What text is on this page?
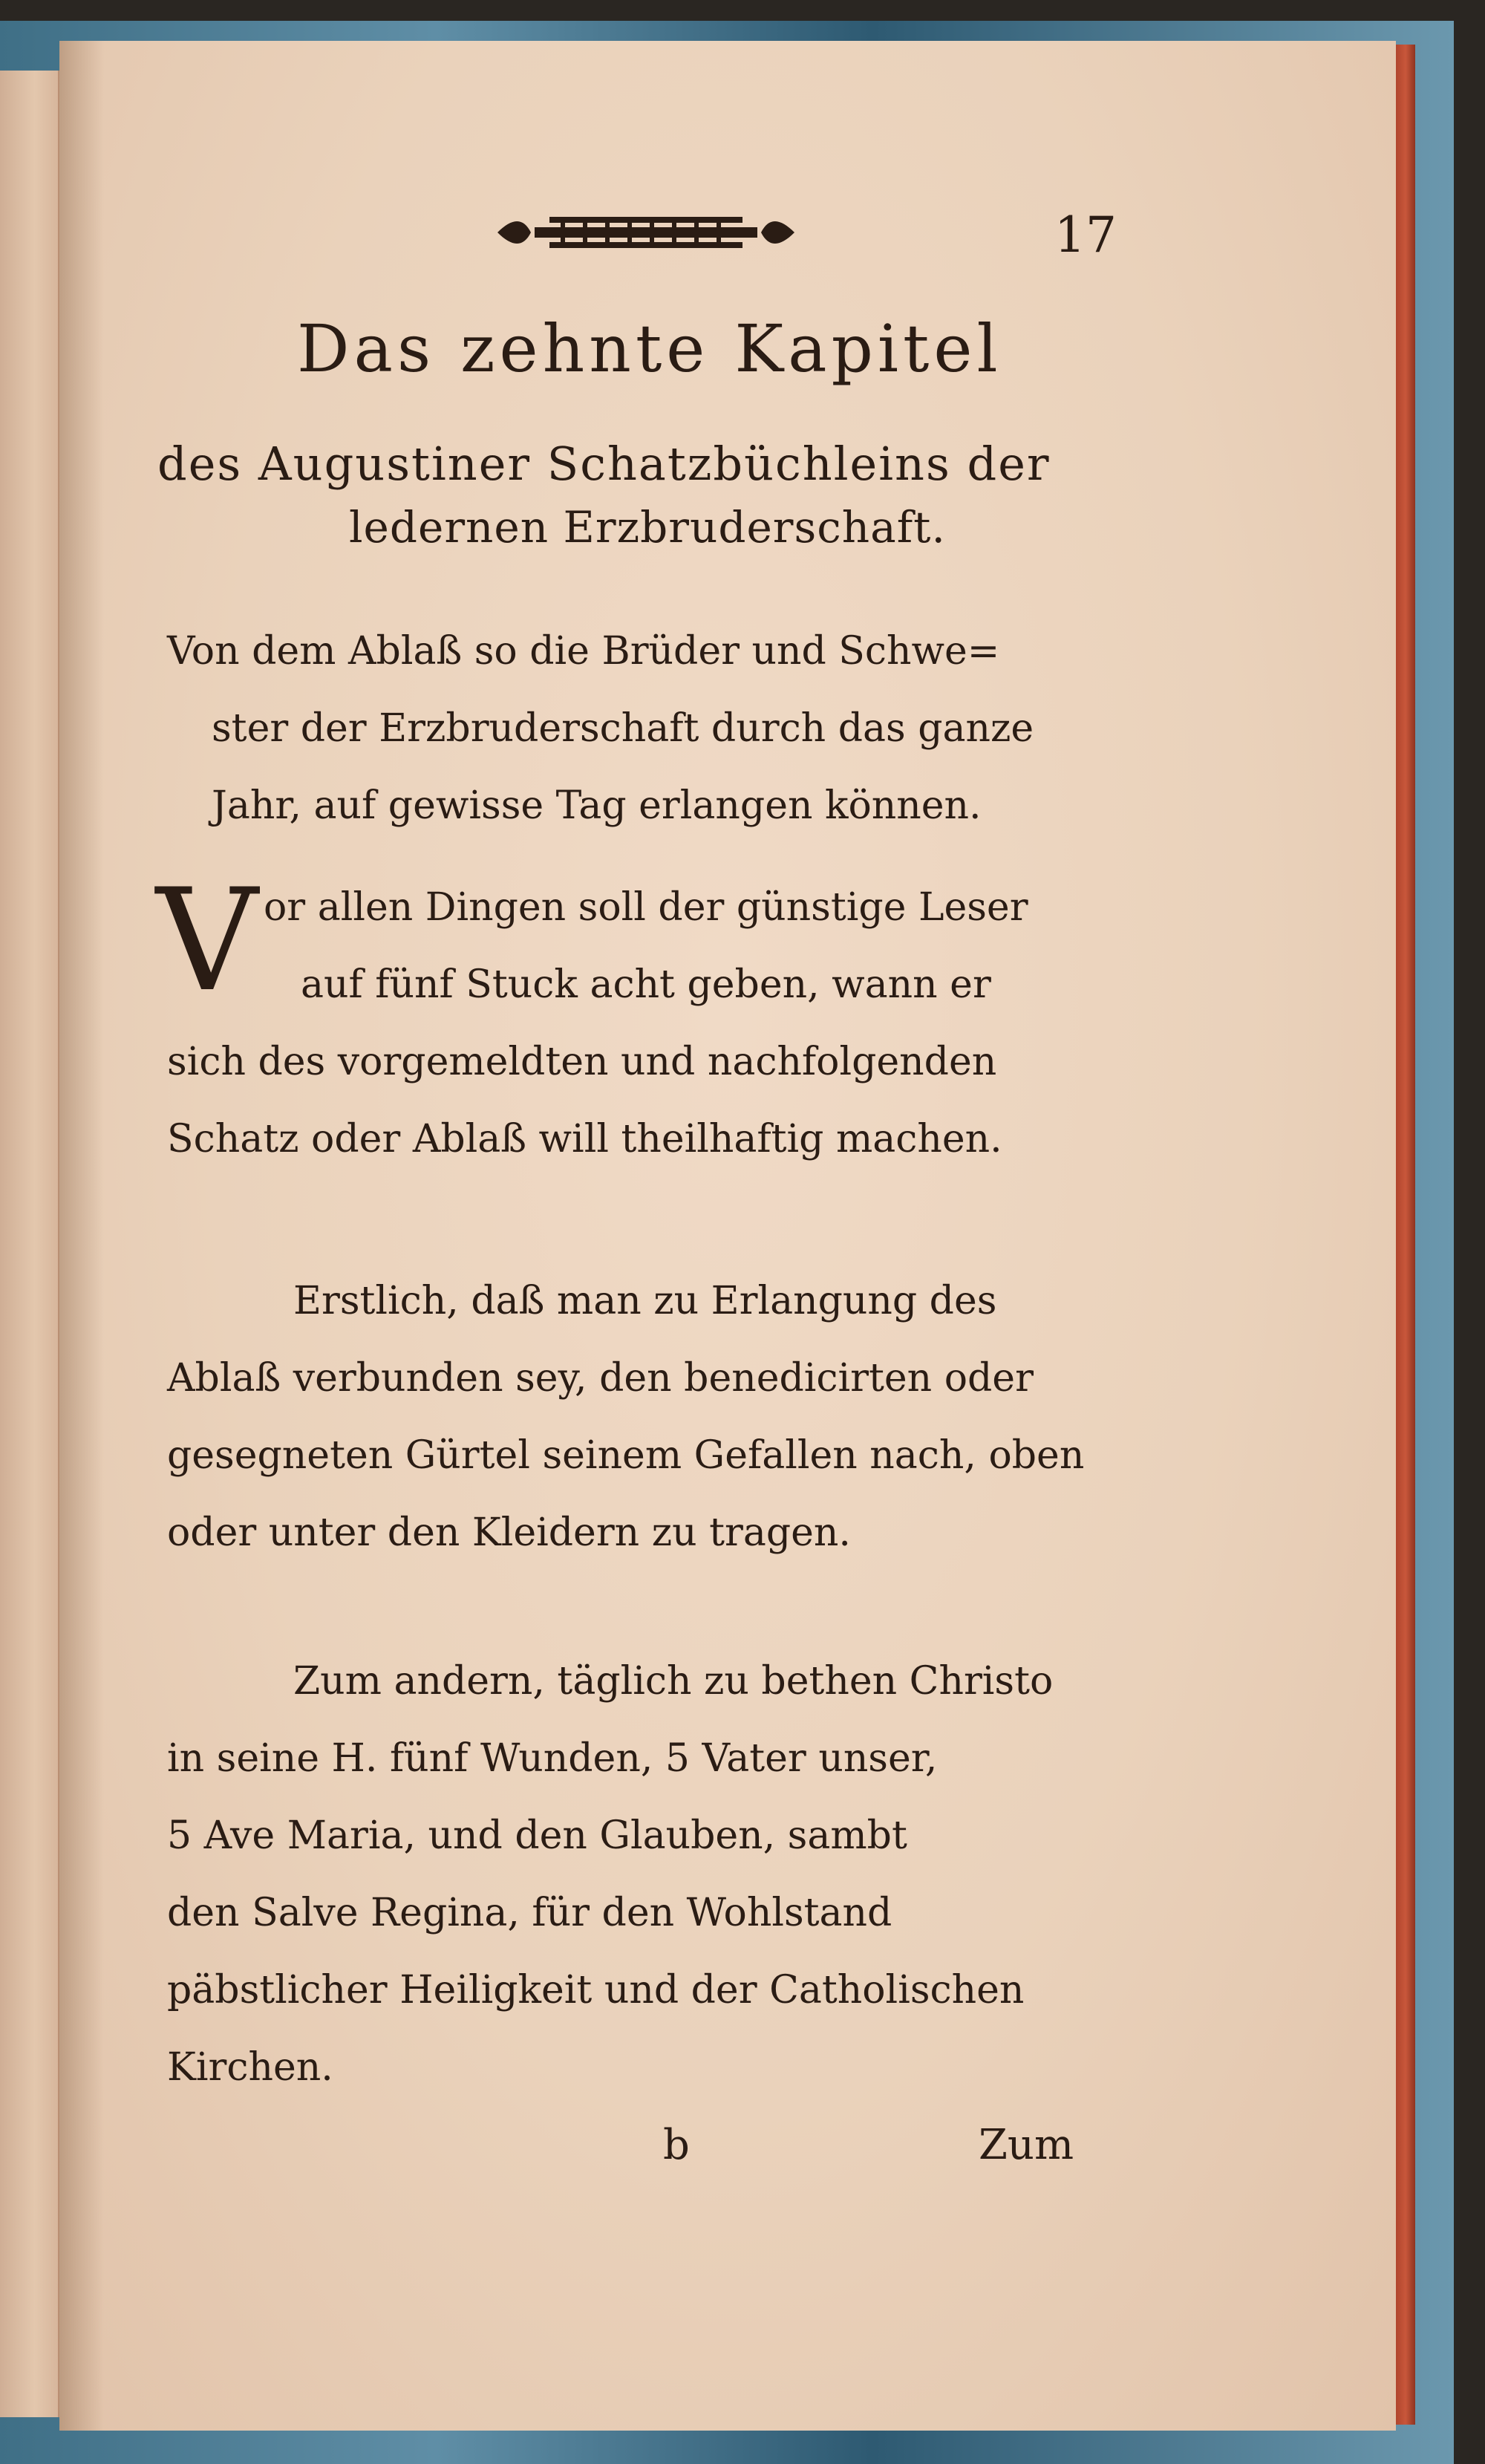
17
Das zehnte Kapitel
des Augustiner Schatzbüchleins der
ledernen Erzbruderschaft.
Von dem Ablaß so die Brüder und Schwe=
ster der Erzbruderschaft durch das ganze
Jahr, auf gewisse Tag erlangen können.
V or allen Dingen soll der günstige Leser
auf fünf Stuck acht geben, wann er
sich des vorgemeldten und nachfolgenden
Schatz oder Ablaß will theilhaftig machen.
Erstlich, daß man zu Erlangung des
Ablaß verbunden sey, den benedicirten oder
gesegneten Gürtel seinem Gefallen nach, oben
oder unter den Kleidern zu tragen.
Zum andern, täglich zu bethen Christo
in seine H. fünf Wunden, 5 Vater unser,
5 Ave Maria, und den Glauben, sambt
den Salve Regina, für den Wohlstand
päbstlicher Heiligkeit und der Catholischen
Kirchen.
b	Zum
